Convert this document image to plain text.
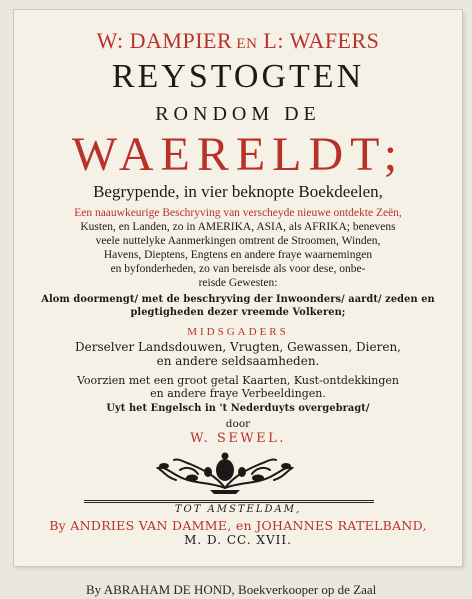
By ABRAHAM DE HOND, Boekverkooper op de Zaal
W: DAMPIER EN L: WAFERS
REYSTOGTEN
RONDOM DE
WAERELDT;
Begrypende, in vier beknopte Boekdeelen,
Een naauwkeurige Beschryving van verscheyde nieuwe ontdekte Zeën,
Kusten, en Landen, zo in AMERIKA, ASIA, als AFRIKA; benevens
veele nuttelyke Aanmerkingen omtrent de Stroomen, Winden,
Havens, Dieptens, Engtens en andere fraye waarnemingen
en byfonderheden, zo van bereisde als voor dese, onbe-
reisde Gewesten:
Alom doormengt/ met de beschryving der Inwoonders/ aardt/ zeden en
plegtigheden dezer vreemde Volkeren;
MIDSGADERS
Derselver Landsdouwen, Vrugten, Gewassen, Dieren,
en andere seldsaamheden.
Voorzien met een groot getal Kaarten, Kust-ontdekkingen
en andere fraye Verbeeldingen.
Uyt het Engelsch in 't Nederduyts overgebragt/
door
W. SEWEL.
TOT AMSTELDAM,
By ANDRIES VAN DAMME, en JOHANNES RATELBAND,
M. D. CC. XVII.
